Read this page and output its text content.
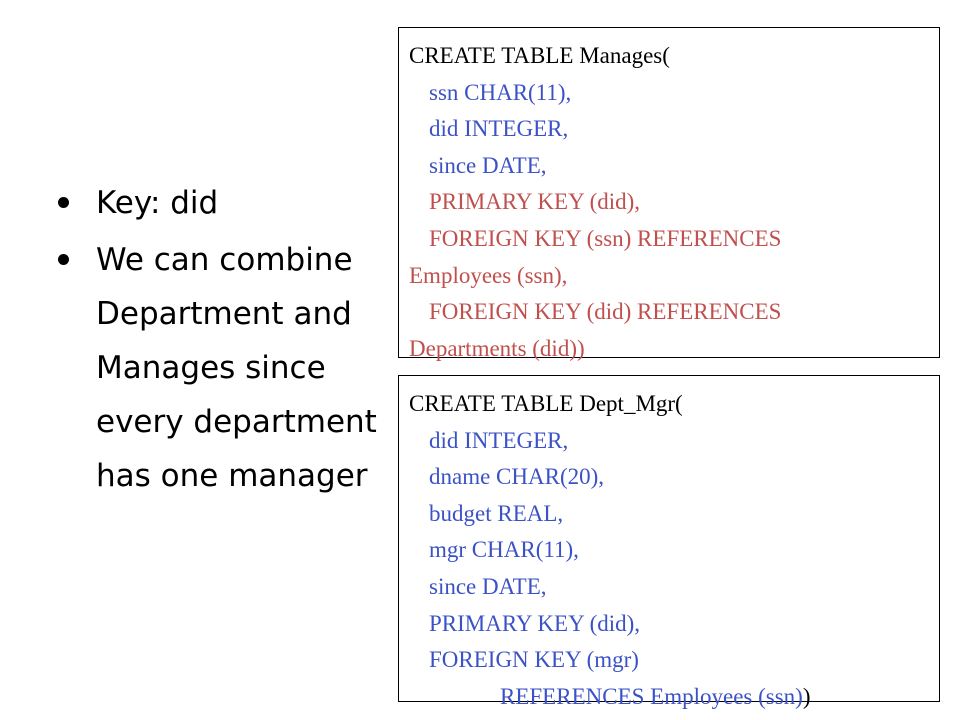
Key: did
We can combine Department and Manages since every department has one manager
CREATE TABLE Manages(
ssn CHAR(11),
did INTEGER,
since DATE,
PRIMARY KEY (did),
FOREIGN KEY (ssn) REFERENCES
Employees (ssn),
FOREIGN KEY (did) REFERENCES
Departments (did))
CREATE TABLE Dept_Mgr(
did INTEGER,
dname CHAR(20),
budget REAL,
mgr CHAR(11),
since DATE,
PRIMARY KEY (did),
FOREIGN KEY (mgr)
REFERENCES Employees (ssn))
